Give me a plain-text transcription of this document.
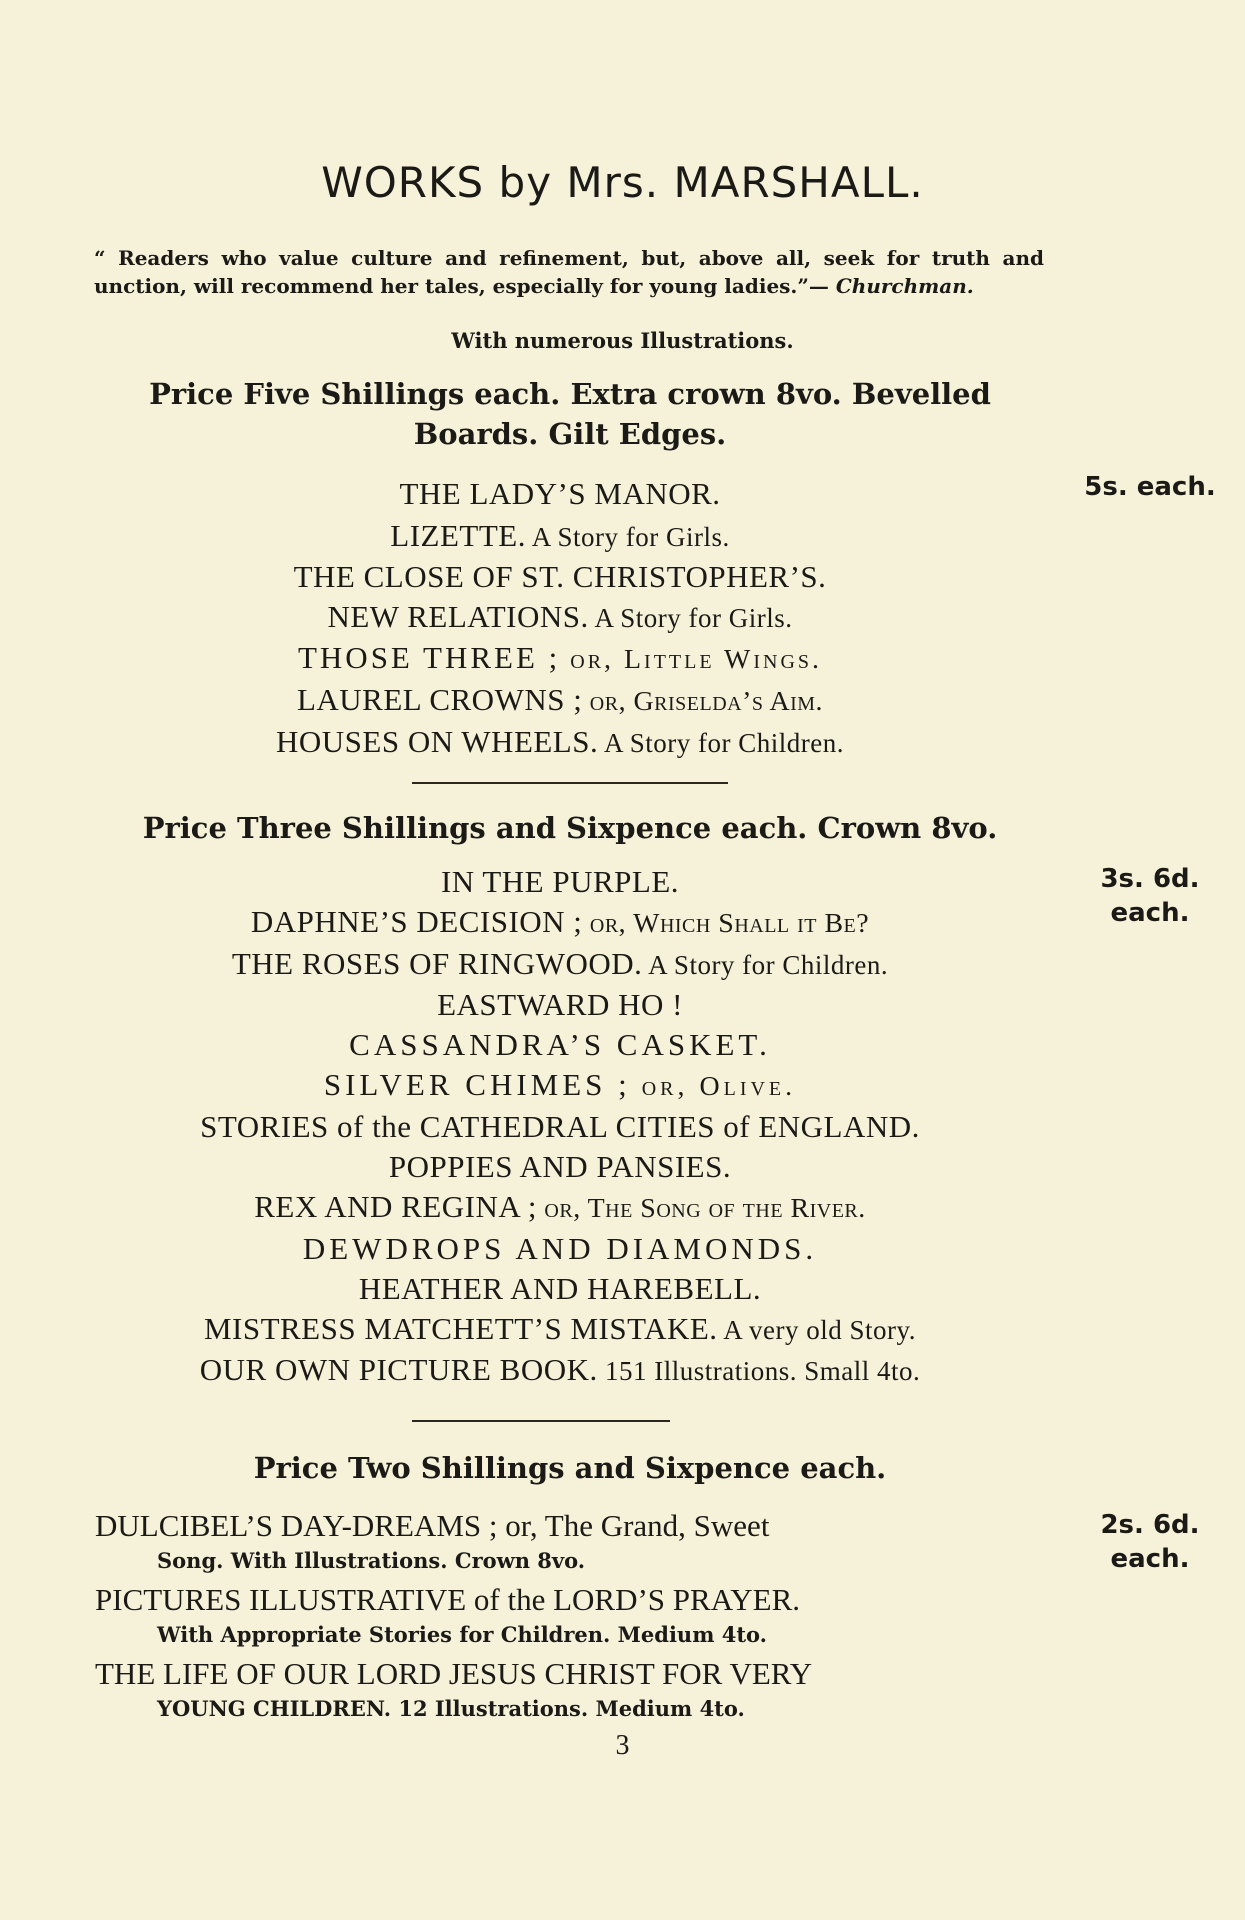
WORKS by Mrs. MARSHALL.
“ Readers who value culture and refinement, but, above all, seek for truth and unction, will recommend her tales, especially for young ladies.”— Churchman.
With numerous Illustrations.
Price Five Shillings each. Extra crown 8vo. Bevelled
Boards. Gilt Edges.
5s. each.
THE LADY’S MANOR.
LIZETTE. A Story for Girls.
THE CLOSE OF ST. CHRISTOPHER’S.
NEW RELATIONS. A Story for Girls.
THOSE THREE ; or, Little Wings.
LAUREL CROWNS ; or, Griselda’s Aim.
HOUSES ON WHEELS. A Story for Children.
Price Three Shillings and Sixpence each. Crown 8vo.
3s. 6d.
each.
IN THE PURPLE.
DAPHNE’S DECISION ; or, Which Shall it Be?
THE ROSES OF RINGWOOD. A Story for Children.
EASTWARD HO !
CASSANDRA’S CASKET.
SILVER CHIMES ; or, Olive.
STORIES of the CATHEDRAL CITIES of ENGLAND.
POPPIES AND PANSIES.
REX AND REGINA ; or, The Song of the River.
DEWDROPS AND DIAMONDS.
HEATHER AND HAREBELL.
MISTRESS MATCHETT’S MISTAKE. A very old Story.
OUR OWN PICTURE BOOK. 151 Illustrations. Small 4to.
Price Two Shillings and Sixpence each.
2s. 6d.
each.
DULCIBEL’S DAY-DREAMS ; or, The Grand, Sweet
Song. With Illustrations. Crown 8vo.
PICTURES ILLUSTRATIVE of the LORD’S PRAYER.
With Appropriate Stories for Children. Medium 4to.
THE LIFE OF OUR LORD JESUS CHRIST FOR VERY
YOUNG CHILDREN. 12 Illustrations. Medium 4to.
3
